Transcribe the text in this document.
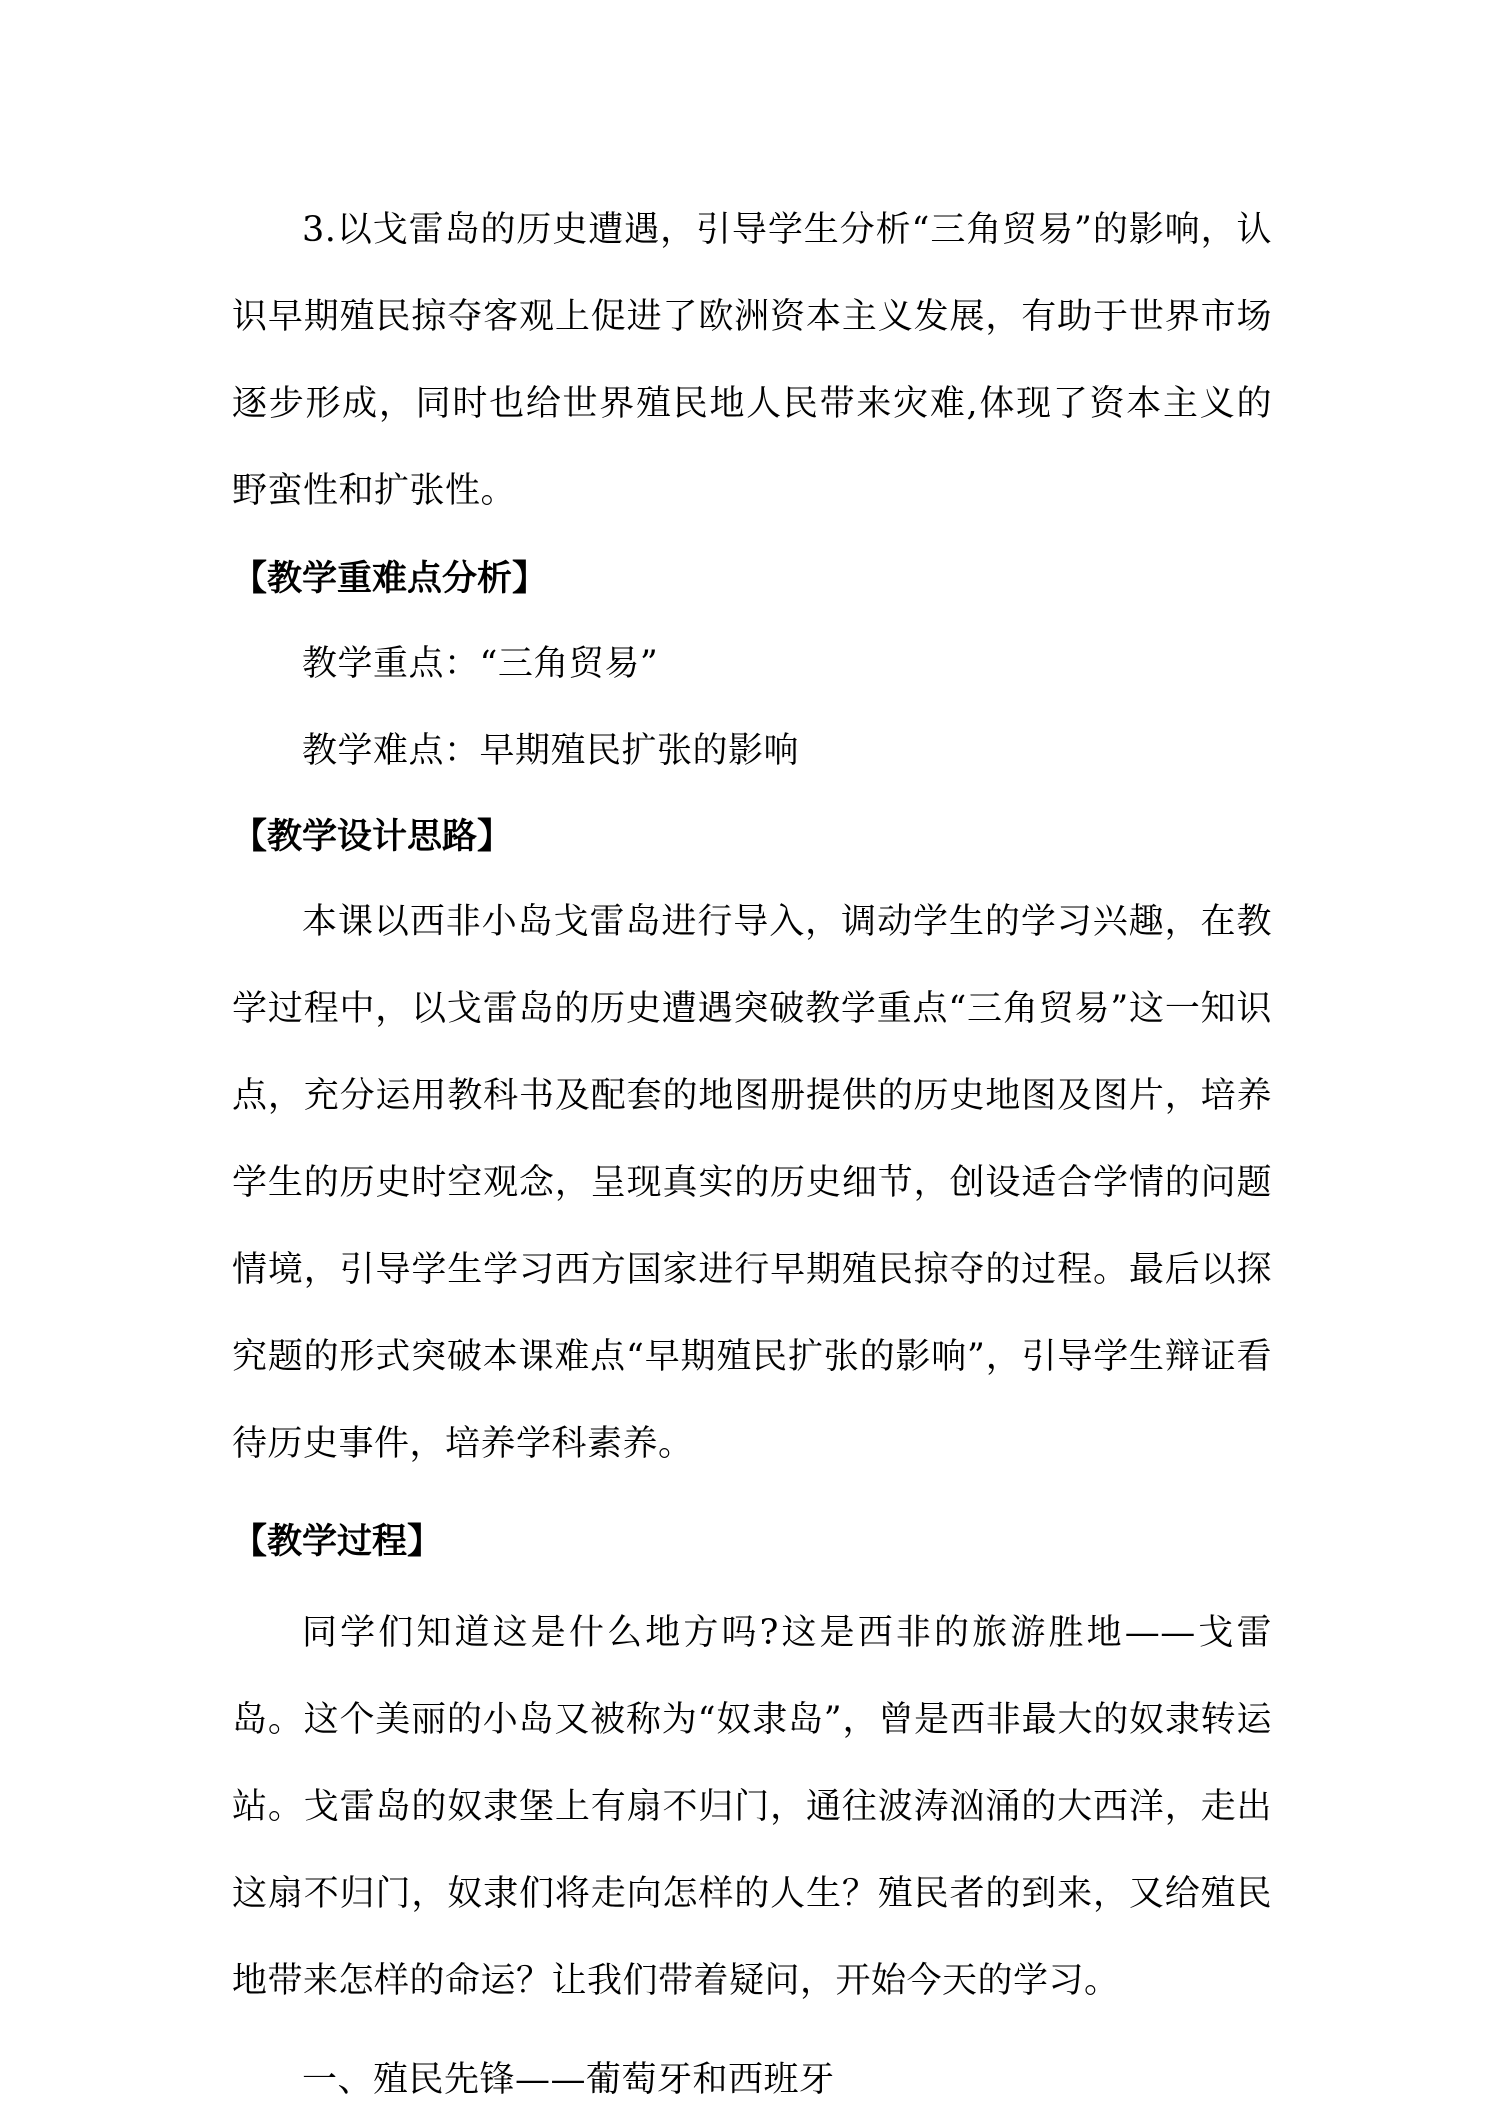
3.以戈雷岛的历史遭遇，引导学生分析“三角贸易”的影响，认识早期殖民掠夺客观上促进了欧洲资本主义发展，有助于世界市场逐步形成，同时也给世界殖民地人民带来灾难,体现了资本主义的野蛮性和扩张性。

【教学重难点分析】

教学重点：“三角贸易”

教学难点：早期殖民扩张的影响

【教学设计思路】

本课以西非小岛戈雷岛进行导入，调动学生的学习兴趣，在教学过程中，以戈雷岛的历史遭遇突破教学重点“三角贸易”这一知识点，充分运用教科书及配套的地图册提供的历史地图及图片，培养学生的历史时空观念，呈现真实的历史细节，创设适合学情的问题情境，引导学生学习西方国家进行早期殖民掠夺的过程。最后以探究题的形式突破本课难点“早期殖民扩张的影响”，引导学生辩证看待历史事件，培养学科素养。

【教学过程】

同学们知道这是什么地方吗?这是西非的旅游胜地——戈雷岛。这个美丽的小岛又被称为“奴隶岛”，曾是西非最大的奴隶转运站。戈雷岛的奴隶堡上有扇不归门，通往波涛汹涌的大西洋，走出这扇不归门，奴隶们将走向怎样的人生？殖民者的到来，又给殖民地带来怎样的命运？让我们带着疑问，开始今天的学习。

一、殖民先锋——葡萄牙和西班牙
